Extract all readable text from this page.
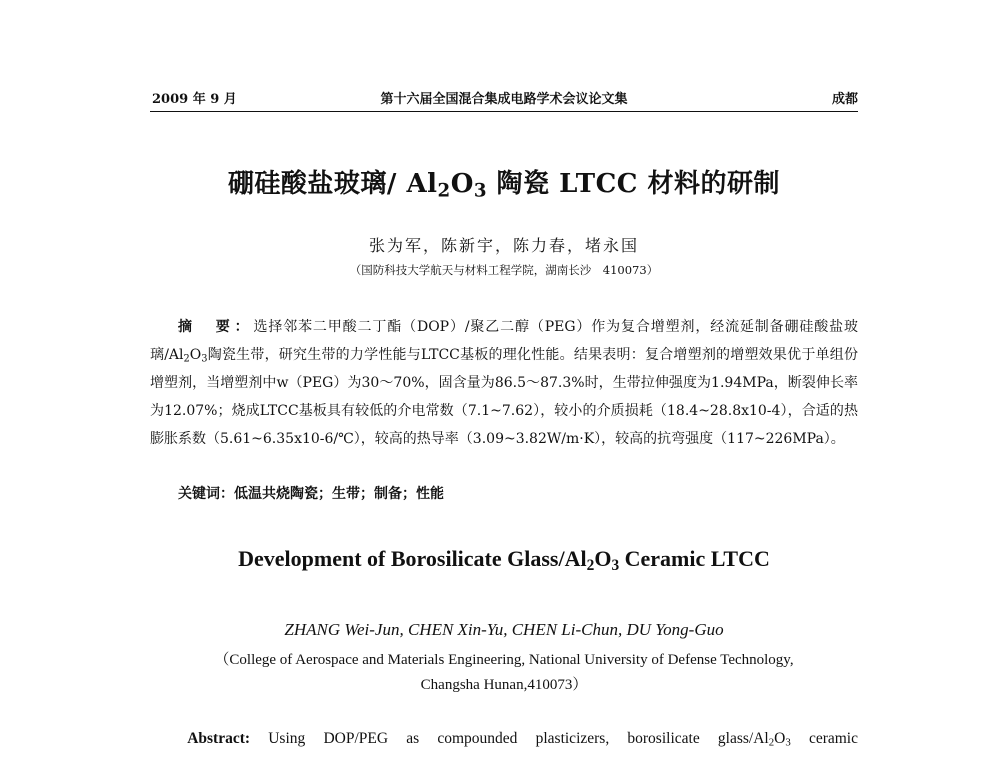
2009 年 9 月	第十六届全国混合集成电路学术会议论文集	成都
硼硅酸盐玻璃/ $Al_2O_3$ 陶瓷 LTCC 材料的研制
张为军，陈新宇，陈力春，堵永国
（国防科技大学航天与材料工程学院，湖南长沙　410073）
摘　要：选择邻苯二甲酸二丁酯（DOP）/聚乙二醇（PEG）作为复合增塑剂，经流延制备硼硅酸盐玻璃$/Al_2O_3$陶瓷生带，研究生带的力学性能与LTCC基板的理化性能。结果表明：复合增塑剂的增塑效果优于单组份增塑剂，当增塑剂中w（PEG）为30～70%，固含量为86.5～87.3%时，生带拉伸强度为1.94MPa，断裂伸长率为12.07%；烧成LTCC基板具有较低的介电常数（7.1~7.62），较小的介质损耗（18.4~28.8x10-4），合适的热膨胀系数（5.61~6.35x10-6/℃），较高的热导率（3.09~3.82W/m·K），较高的抗弯强度（117~226MPa）。
关键词：低温共烧陶瓷；生带；制备；性能
Development of Borosilicate Glass/$Al_2O_3$ Ceramic LTCC
ZHANG Wei-Jun, CHEN Xin-Yu, CHEN Li-Chun, DU Yong-Guo
（College of Aerospace and Materials Engineering, National University of Defense Technology,
Changsha Hunan,410073）
Abstract: Using DOP/PEG as compounded plasticizers, borosilicate glass/$Al_2O_3$ ceramic
